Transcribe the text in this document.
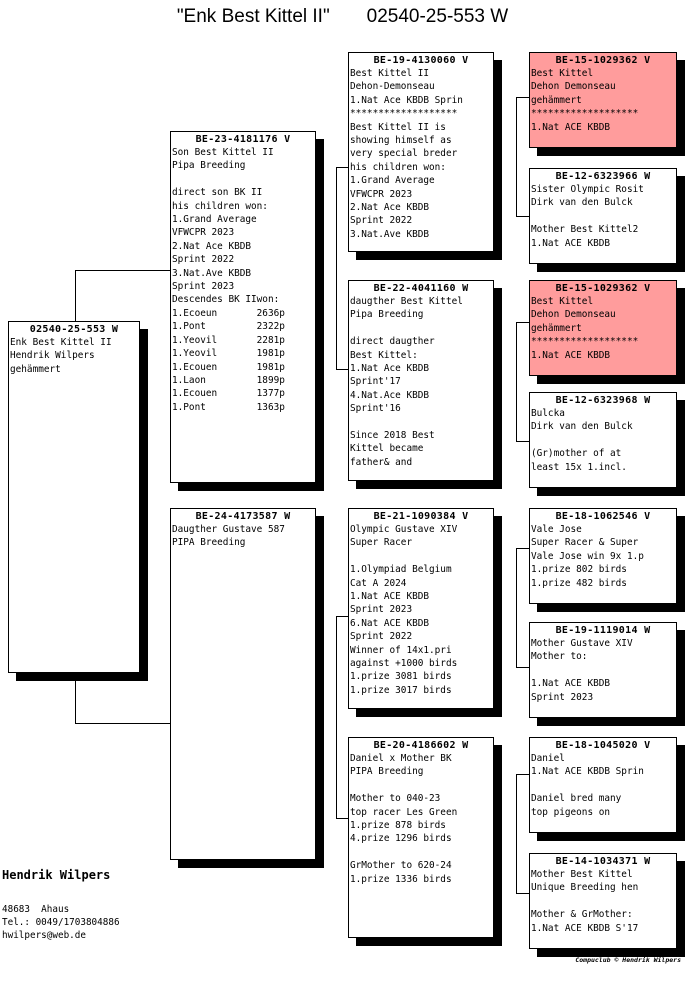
"Enk Best Kittel II"       02540-25-553 W
02540-25-553 W
Enk Best Kittel II
Hendrik Wilpers
gehämmert
BE-23-4181176 V
Son Best Kittel II
Pipa Breeding

direct son BK II
his children won:
1.Grand Average
VFWCPR 2023
2.Nat Ace KBDB
Sprint 2022
3.Nat.Ave KBDB
Sprint 2023
Descendes BK IIwon:
1.Ecoeun       2636p
1.Pont         2322p
1.Yeovil       2281p
1.Yeovil       1981p
1.Ecouen       1981p
1.Laon         1899p
1.Ecouen       1377p
1.Pont         1363p
BE-24-4173587 W
Daugther Gustave 587
PIPA Breeding
BE-19-4130060 V
Best Kittel II
Dehon-Demonseau
1.Nat Ace KBDB Sprin
*******************
Best Kittel II is
showing himself as
very special breder
his children won:
1.Grand Average
VFWCPR 2023
2.Nat Ace KBDB
Sprint 2022
3.Nat.Ave KBDB
BE-22-4041160 W
daugther Best Kittel
Pipa Breeding

direct daugther
Best Kittel:
1.Nat Ace KBDB
Sprint'17
4.Nat.Ace KBDB
Sprint'16

Since 2018 Best
Kittel became
father& and
BE-21-1090384 V
Olympic Gustave XIV
Super Racer

1.Olympiad Belgium
Cat A 2024
1.Nat ACE KBDB
Sprint 2023
6.Nat ACE KBDB
Sprint 2022
Winner of 14x1.pri
against +1000 birds
1.prize 3081 birds
1.prize 3017 birds
BE-20-4186602 W
Daniel x Mother BK
PIPA Breeding

Mother to 040-23
top racer Les Green
1.prize 878 birds
4.prize 1296 birds

GrMother to 620-24
1.prize 1336 birds
BE-15-1029362 V
Best Kittel
Dehon Demonseau
gehämmert
*******************
1.Nat ACE KBDB
BE-12-6323966 W
Sister Olympic Rosit
Dirk van den Bulck

Mother Best Kittel2
1.Nat ACE KBDB
BE-15-1029362 V
Best Kittel
Dehon Demonseau
gehämmert
*******************
1.Nat ACE KBDB
BE-12-6323968 W
Bulcka
Dirk van den Bulck

(Gr)mother of at
least 15x 1.incl.
BE-18-1062546 V
Vale Jose
Super Racer & Super
Vale Jose win 9x 1.p
1.prize 802 birds
1.prize 482 birds
BE-19-1119014 W
Mother Gustave XIV
Mother to:

1.Nat ACE KBDB
Sprint 2023
BE-18-1045020 V
Daniel
1.Nat ACE KBDB Sprin

Daniel bred many
top pigeons on
BE-14-1034371 W
Mother Best Kittel
Unique Breeding hen

Mother & GrMother:
1.Nat ACE KBDB S'17
Hendrik Wilpers
48683  Ahaus
Tel.: 0049/1703804886
hwilpers@web.de
Compuclub © Hendrik Wilpers
